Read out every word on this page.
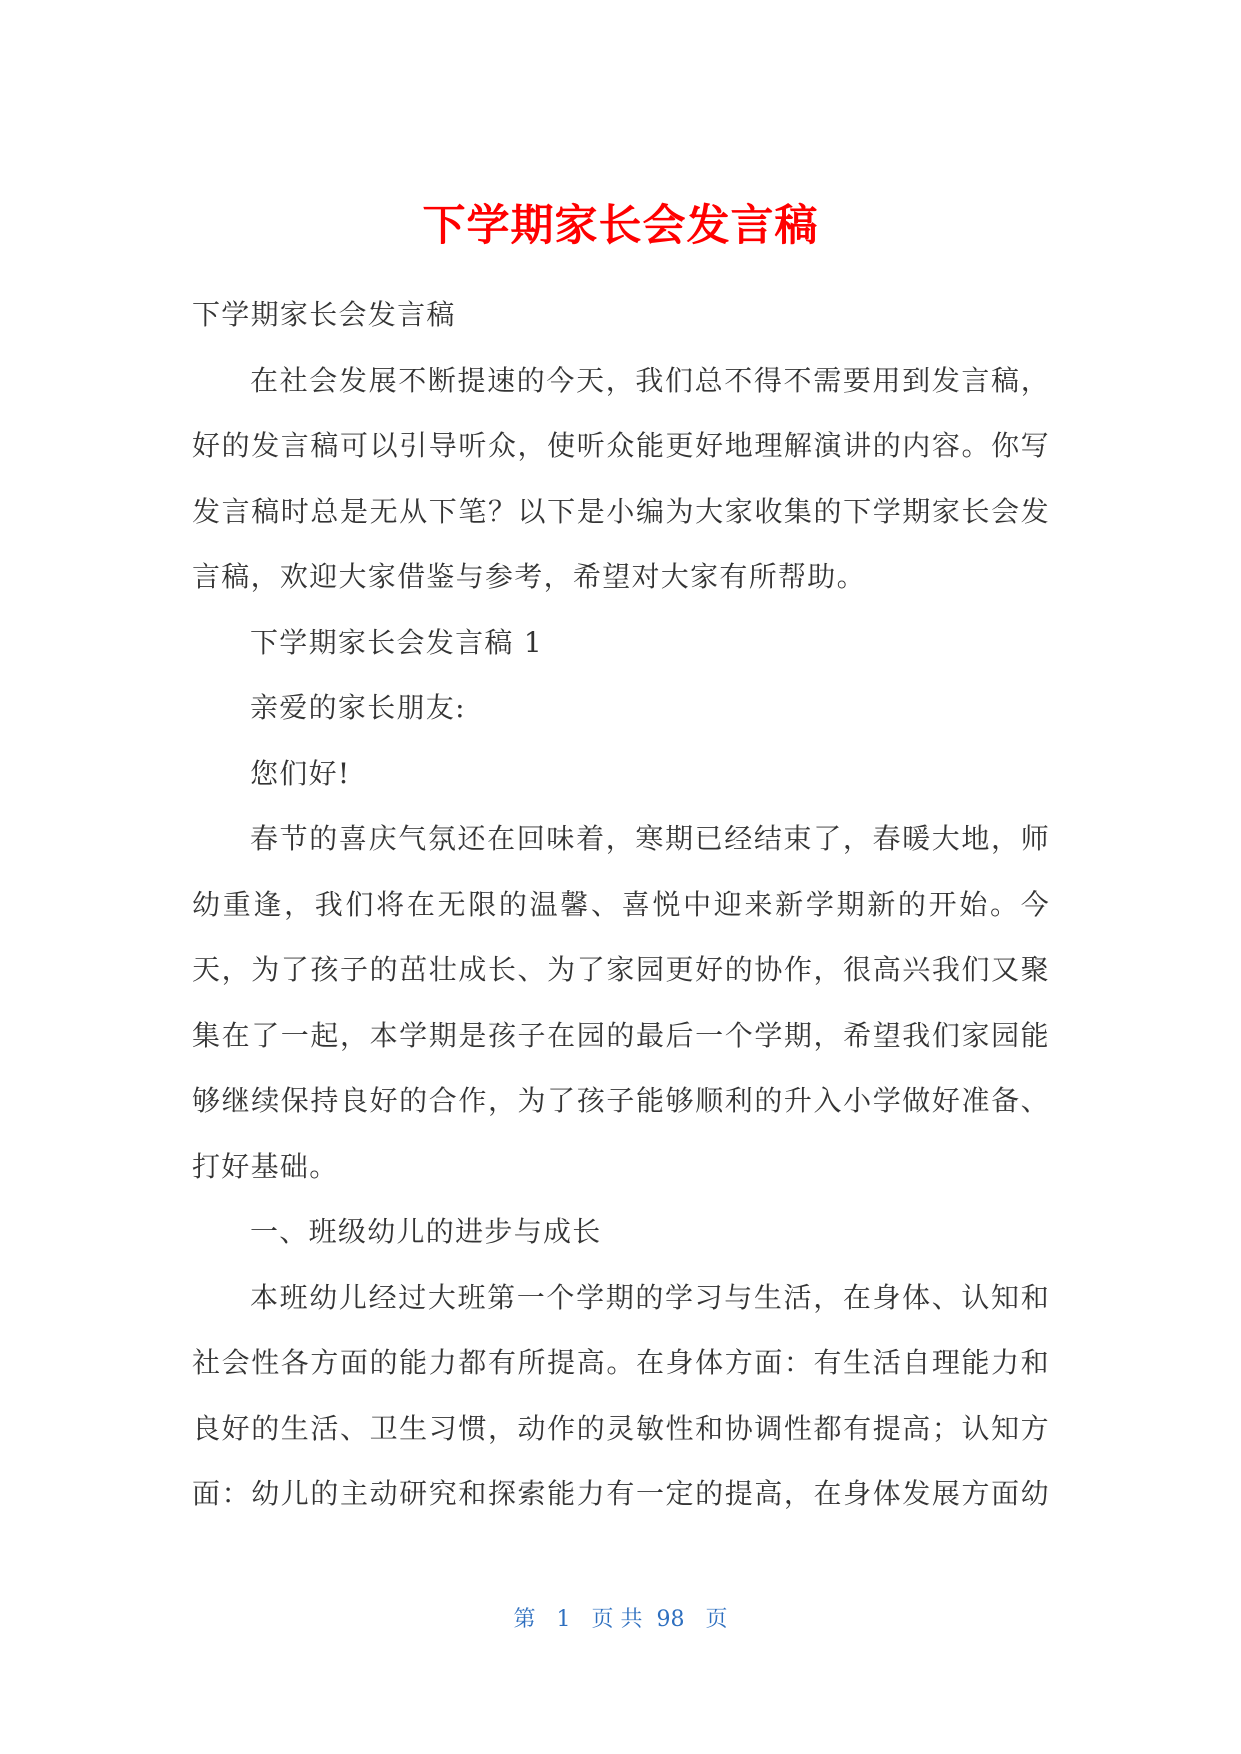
下学期家长会发言稿
下学期家长会发言稿
在社会发展不断提速的今天，我们总不得不需要用到发言稿，
好的发言稿可以引导听众，使听众能更好地理解演讲的内容。你写
发言稿时总是无从下笔？以下是小编为大家收集的下学期家长会发
言稿，欢迎大家借鉴与参考，希望对大家有所帮助。
下学期家长会发言稿 1
亲爱的家长朋友:
您们好!
春节的喜庆气氛还在回味着，寒期已经结束了，春暖大地，师
幼重逢，我们将在无限的温馨、喜悦中迎来新学期新的开始。今
天，为了孩子的茁壮成长、为了家园更好的协作，很高兴我们又聚
集在了一起，本学期是孩子在园的最后一个学期，希望我们家园能
够继续保持良好的合作，为了孩子能够顺利的升入小学做好准备、
打好基础。
一、班级幼儿的进步与成长
本班幼儿经过大班第一个学期的学习与生活，在身体、认知和
社会性各方面的能力都有所提高。在身体方面：有生活自理能力和
良好的生活、卫生习惯，动作的灵敏性和协调性都有提高；认知方
面：幼儿的主动研究和探索能力有一定的提高，在身体发展方面幼
第   1   页 共  98   页
